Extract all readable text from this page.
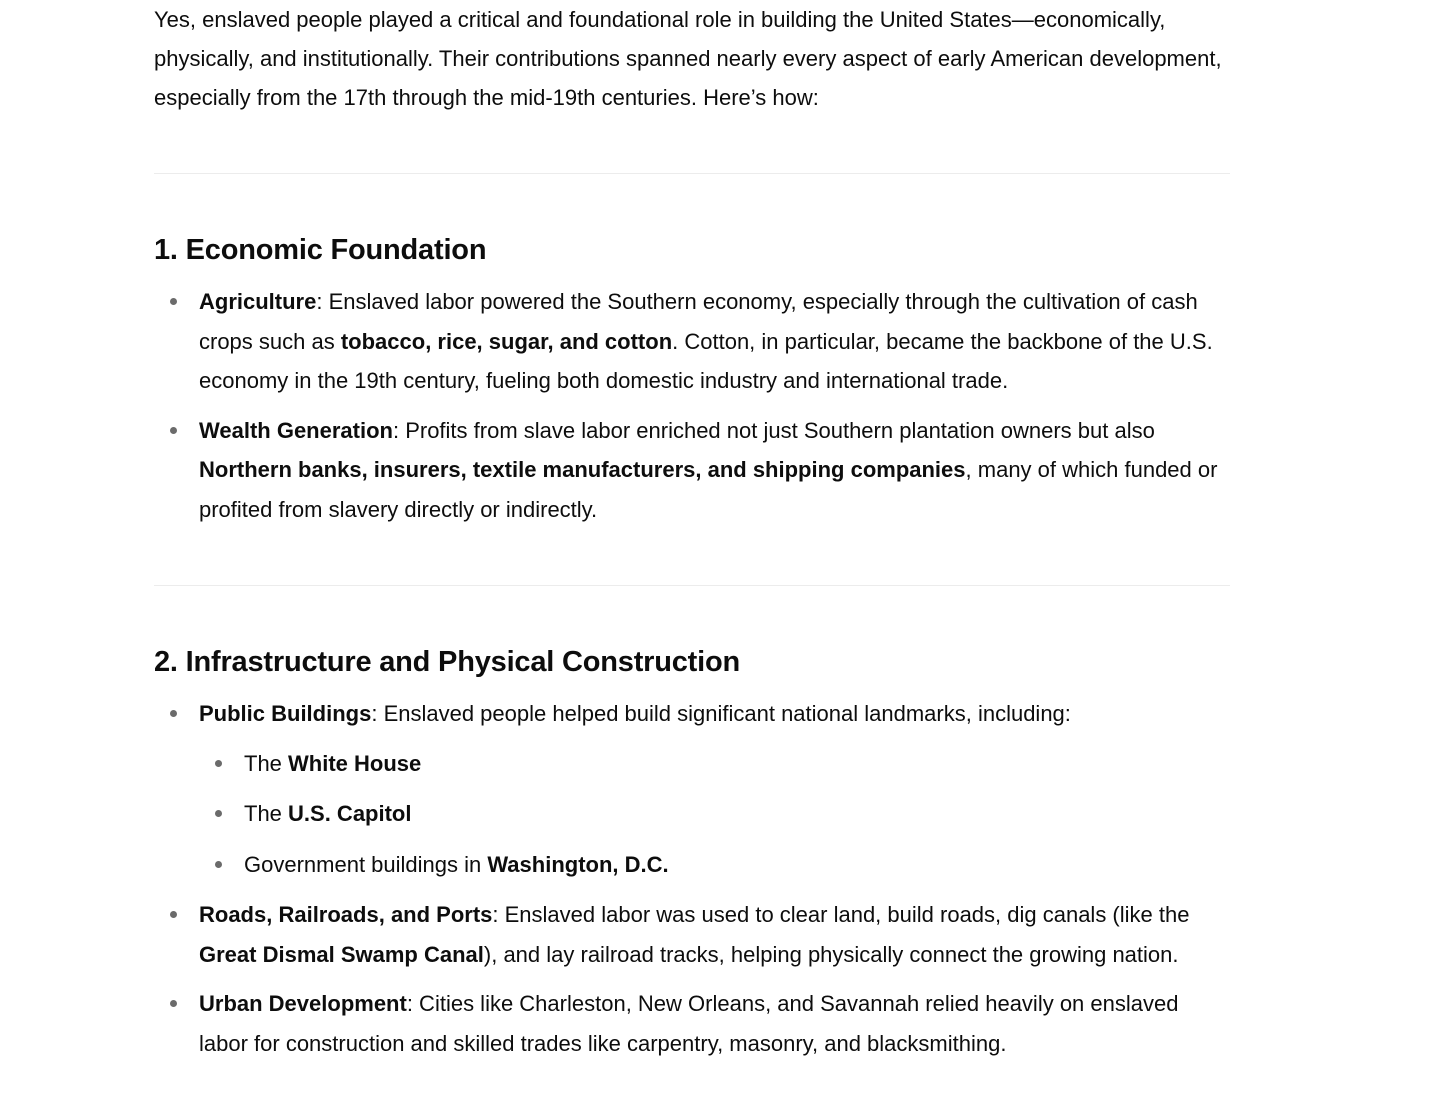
Yes, enslaved people played a critical and foundational role in building the United States—economically, physically, and institutionally. Their contributions spanned nearly every aspect of early American development, especially from the 17th through the mid-19th centuries. Here’s how:

1. Economic Foundation
Agriculture: Enslaved labor powered the Southern economy, especially through the cultivation of cash crops such as tobacco, rice, sugar, and cotton. Cotton, in particular, became the backbone of the U.S. economy in the 19th century, fueling both domestic industry and international trade.
Wealth Generation: Profits from slave labor enriched not just Southern plantation owners but also Northern banks, insurers, textile manufacturers, and shipping companies, many of which funded or profited from slavery directly or indirectly.
2. Infrastructure and Physical Construction
Public Buildings: Enslaved people helped build significant national landmarks, including:
The White House
The U.S. Capitol
Government buildings in Washington, D.C.
Roads, Railroads, and Ports: Enslaved labor was used to clear land, build roads, dig canals (like the Great Dismal Swamp Canal), and lay railroad tracks, helping physically connect the growing nation.
Urban Development: Cities like Charleston, New Orleans, and Savannah relied heavily on enslaved labor for construction and skilled trades like carpentry, masonry, and blacksmithing.
